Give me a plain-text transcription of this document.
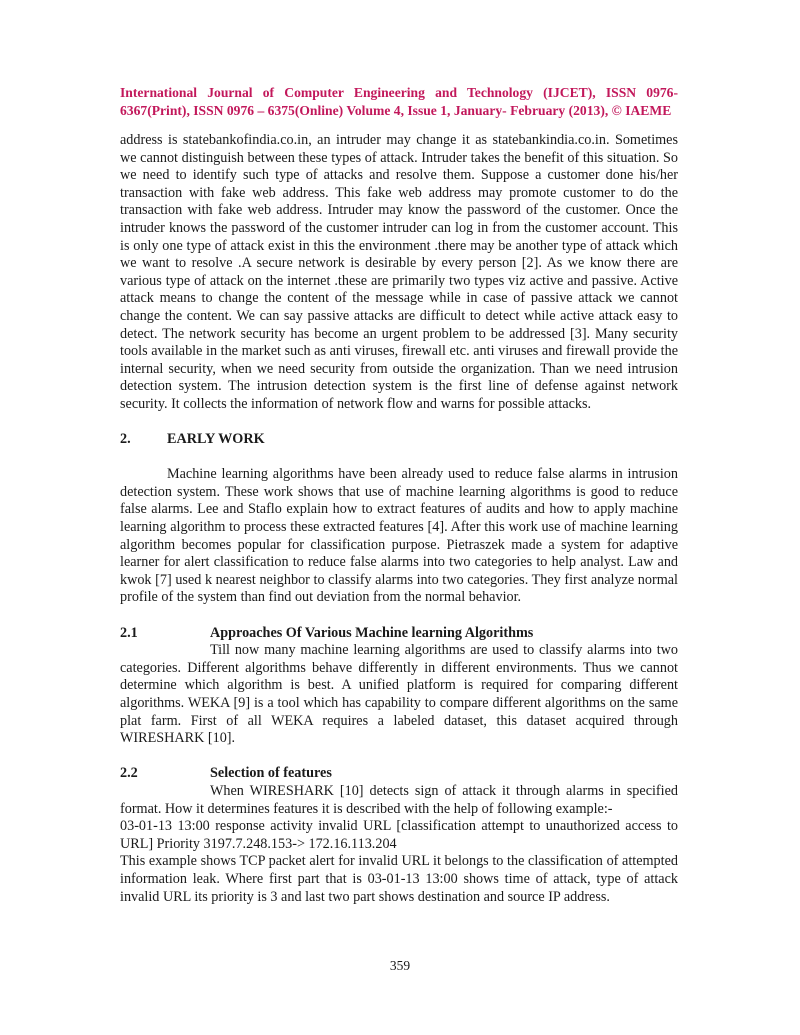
International Journal of Computer Engineering and Technology (IJCET), ISSN 0976-6367(Print), ISSN 0976 – 6375(Online) Volume 4, Issue 1, January- February (2013), © IAEME

address is statebankofindia.co.in, an intruder may change it as statebankindia.co.in. Sometimes we cannot distinguish between these types of attack. Intruder takes the benefit of this situation. So we need to identify such type of attacks and resolve them. Suppose a customer done his/her transaction with fake web address. This fake web address may promote customer to do the transaction with fake web address. Intruder may know the password of the customer. Once the intruder knows the password of the customer intruder can log in from the customer account. This is only one type of attack exist in this the environment .there may be another type of attack which we want to resolve .A secure network is desirable by every person [2]. As we know there are various type of attack on the internet .these are primarily two types viz active and passive. Active attack means to change the content of the message while in case of passive attack we cannot change the content. We can say passive attacks are difficult to detect while active attack easy to detect. The network security has become an urgent problem to be addressed [3]. Many security tools available in the market such as anti viruses, firewall etc. anti viruses and firewall provide the internal security, when we need security from outside the organization. Than we need intrusion detection system. The intrusion detection system is the first line of defense against network security. It collects the information of network flow and warns for possible attacks.

2.	EARLY WORK

Machine learning algorithms have been already used to reduce false alarms in intrusion detection system. These work shows that use of machine learning algorithms is good to reduce false alarms. Lee and Staflo explain how to extract features of audits and how to apply machine learning algorithm to process these extracted features [4]. After this work use of machine learning algorithm becomes popular for classification purpose. Pietraszek made a system for adaptive learner for alert classification to reduce false alarms into two categories to help analyst. Law and kwok [7] used k nearest neighbor to classify alarms into two categories. They first analyze normal profile of the system than find out deviation from the normal behavior.

2.1	Approaches Of Various Machine learning Algorithms

Till now many machine learning algorithms are used to classify alarms into two categories. Different algorithms behave differently in different environments. Thus we cannot determine which algorithm is best. A unified platform is required for comparing different algorithms. WEKA [9] is a tool which has capability to compare different algorithms on the same plat farm. First of all WEKA requires a labeled dataset, this dataset acquired through WIRESHARK [10].

2.2	Selection of features

When WIRESHARK [10] detects sign of attack it through alarms in specified format. How it determines features it is described with the help of following example:-

03-01-13 13:00 response activity invalid URL [classification attempt to unauthorized access to URL] Priority 3197.7.248.153-> 172.16.113.204

This example shows TCP packet alert for invalid URL it belongs to the classification of attempted information leak. Where first part that is 03-01-13 13:00 shows time of attack, type of attack invalid URL its priority is 3 and last two part shows destination and source IP address.

359
